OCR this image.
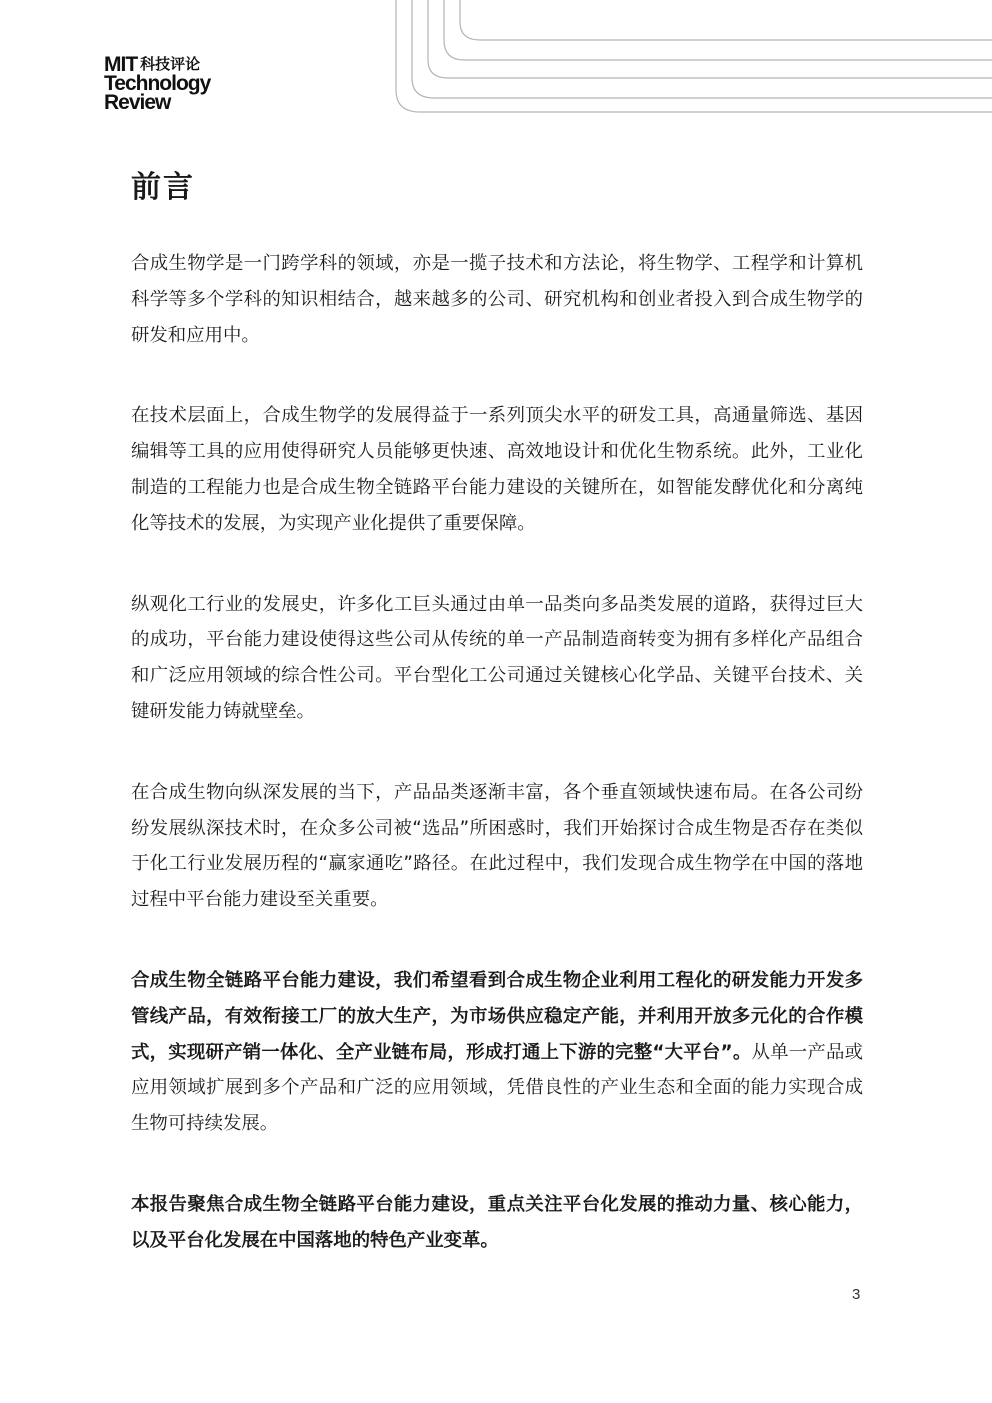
MIT 科技评论
Technology
Review
前言

合成生物学是一门跨学科的领域，亦是一揽子技术和方法论，将生物学、工程学和计算机科学等多个学科的知识相结合，越来越多的公司、研究机构和创业者投入到合成生物学的研发和应用中。

在技术层面上，合成生物学的发展得益于一系列顶尖水平的研发工具，高通量筛选、基因编辑等工具的应用使得研究人员能够更快速、高效地设计和优化生物系统。此外，工业化制造的工程能力也是合成生物全链路平台能力建设的关键所在，如智能发酵优化和分离纯化等技术的发展，为实现产业化提供了重要保障。

纵观化工行业的发展史，许多化工巨头通过由单一品类向多品类发展的道路，获得过巨大的成功，平台能力建设使得这些公司从传统的单一产品制造商转变为拥有多样化产品组合和广泛应用领域的综合性公司。平台型化工公司通过关键核心化学品、关键平台技术、关键研发能力铸就壁垒。

在合成生物向纵深发展的当下，产品品类逐渐丰富，各个垂直领域快速布局。在各公司纷纷发展纵深技术时，在众多公司被“选品”所困惑时，我们开始探讨合成生物是否存在类似于化工行业发展历程的“赢家通吃”路径。在此过程中，我们发现合成生物学在中国的落地过程中平台能力建设至关重要。

合成生物全链路平台能力建设，我们希望看到合成生物企业利用工程化的研发能力开发多管线产品，有效衔接工厂的放大生产，为市场供应稳定产能，并利用开放多元化的合作模式，实现研产销一体化、全产业链布局，形成打通上下游的完整“大平台”。从单一产品或应用领域扩展到多个产品和广泛的应用领域，凭借良性的产业生态和全面的能力实现合成生物可持续发展。

本报告聚焦合成生物全链路平台能力建设，重点关注平台化发展的推动力量、核心能力，以及平台化发展在中国落地的特色产业变革。

3
